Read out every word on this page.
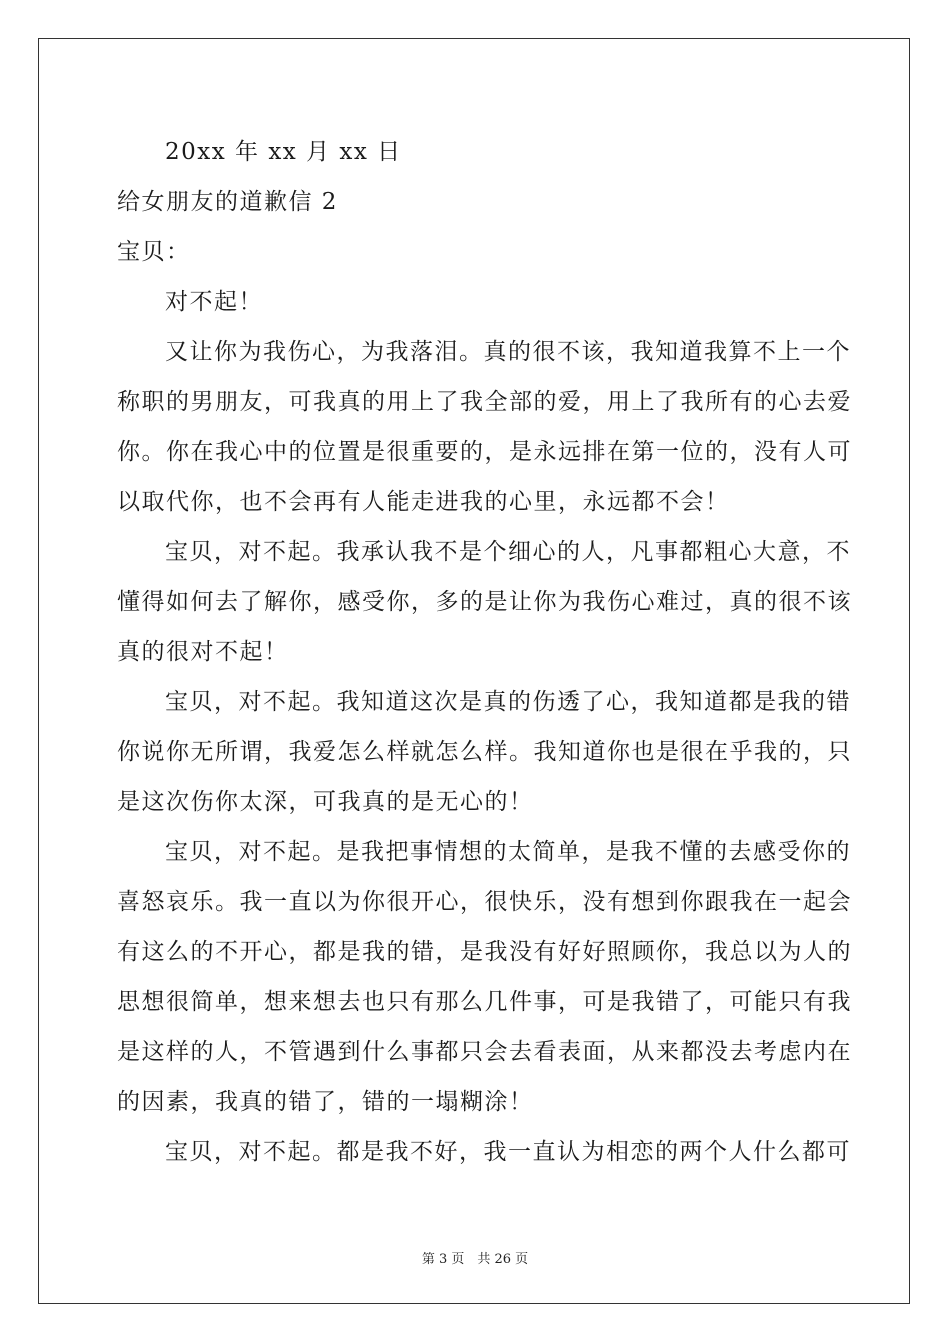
20xx 年 xx 月 xx 日
给女朋友的道歉信 2
宝贝：
对不起！
又让你为我伤心，为我落泪。真的很不该，我知道我算不上一个
称职的男朋友，可我真的用上了我全部的爱，用上了我所有的心去爱
你。你在我心中的位置是很重要的，是永远排在第一位的，没有人可
以取代你，也不会再有人能走进我的心里，永远都不会！
宝贝，对不起。我承认我不是个细心的人，凡事都粗心大意，不
懂得如何去了解你，感受你，多的是让你为我伤心难过，真的很不该
真的很对不起！
宝贝，对不起。我知道这次是真的伤透了心，我知道都是我的错
你说你无所谓，我爱怎么样就怎么样。我知道你也是很在乎我的，只
是这次伤你太深，可我真的是无心的！
宝贝，对不起。是我把事情想的太简单，是我不懂的去感受你的
喜怒哀乐。我一直以为你很开心，很快乐，没有想到你跟我在一起会
有这么的不开心，都是我的错，是我没有好好照顾你，我总以为人的
思想很简单，想来想去也只有那么几件事，可是我错了，可能只有我
是这样的人，不管遇到什么事都只会去看表面，从来都没去考虑内在
的因素，我真的错了，错的一塌糊涂！
宝贝，对不起。都是我不好，我一直认为相恋的两个人什么都可
第 3 页　共 26 页
